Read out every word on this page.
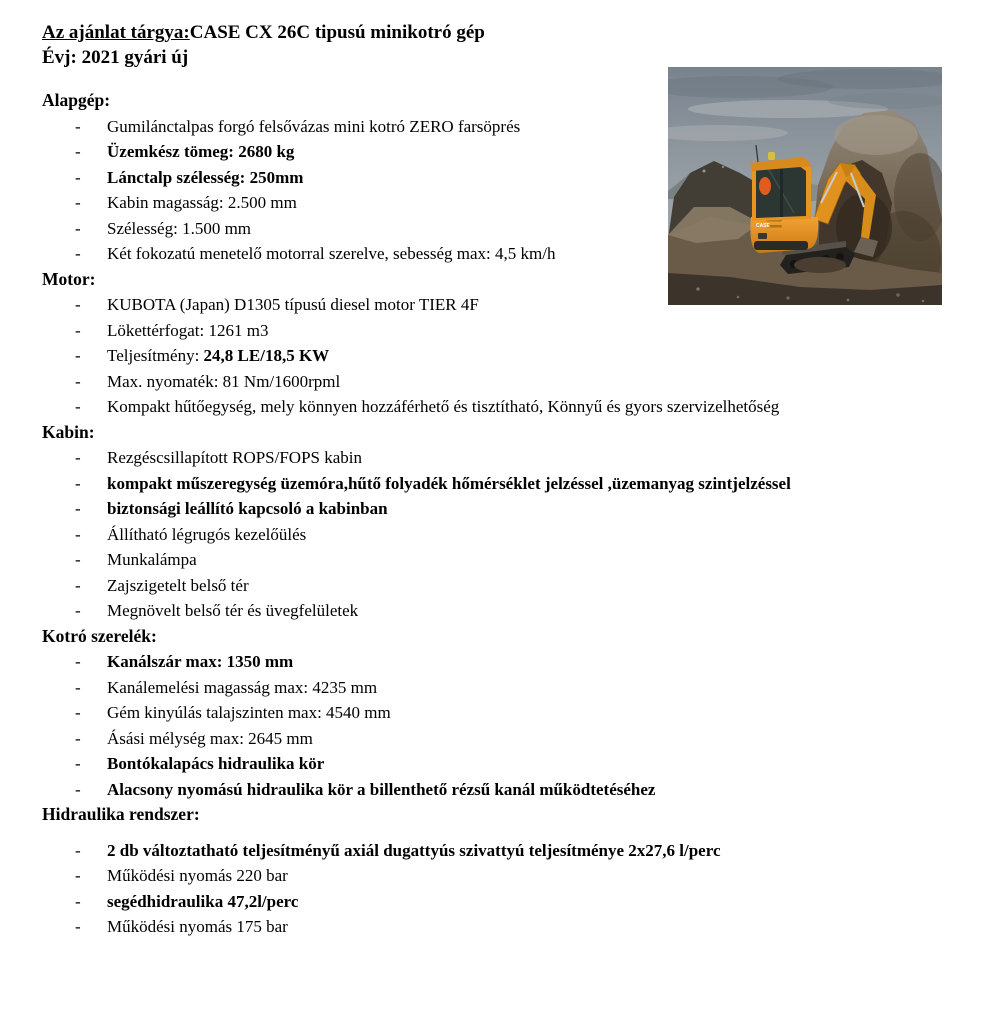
Az ajánlat tárgya:CASE CX 26C tipusú minikotró gép
Évj: 2021 gyári új
CASE
Alapgép:
- Gumilánctalpas forgó felsővázas mini kotró ZERO farsöprés
- Üzemkész tömeg: 2680 kg
- Lánctalp szélesség: 250mm
- Kabin magasság: 2.500 mm
- Szélesség: 1.500 mm
- Két fokozatú menetelő motorral szerelve, sebesség max: 4,5 km/h
Motor:
- KUBOTA (Japan) D1305 típusú diesel motor TIER 4F
- Lökettérfogat: 1261 m3
- Teljesítmény: 24,8 LE/18,5 KW
- Max. nyomaték: 81 Nm/1600rpml
- Kompakt hűtőegység, mely könnyen hozzáférhető és tisztítható, Könnyű és gyors szervizelhetőség
Kabin:
- Rezgéscsillapított ROPS/FOPS kabin
- kompakt műszeregység üzemóra,hűtő folyadék hőmérséklet jelzéssel ,üzemanyag szintjelzéssel
- biztonsági leállító kapcsoló a kabinban
- Állítható légrugós kezelőülés
- Munkalámpa
- Zajszigetelt belső tér
- Megnövelt belső tér és üvegfelületek
Kotró szerelék:
- Kanálszár max: 1350 mm
- Kanálemelési magasság max: 4235 mm
- Gém kinyúlás talajszinten max: 4540 mm
- Ásási mélység max: 2645 mm
- Bontókalapács hidraulika kör
- Alacsony nyomású hidraulika kör a billenthető rézsű kanál működtetéséhez
Hidraulika rendszer:
- 2 db változtatható teljesítményű axiál dugattyús szivattyú teljesítménye 2x27,6 l/perc
- Működési nyomás 220 bar
- segédhidraulika 47,2l/perc
- Működési nyomás 175 bar
